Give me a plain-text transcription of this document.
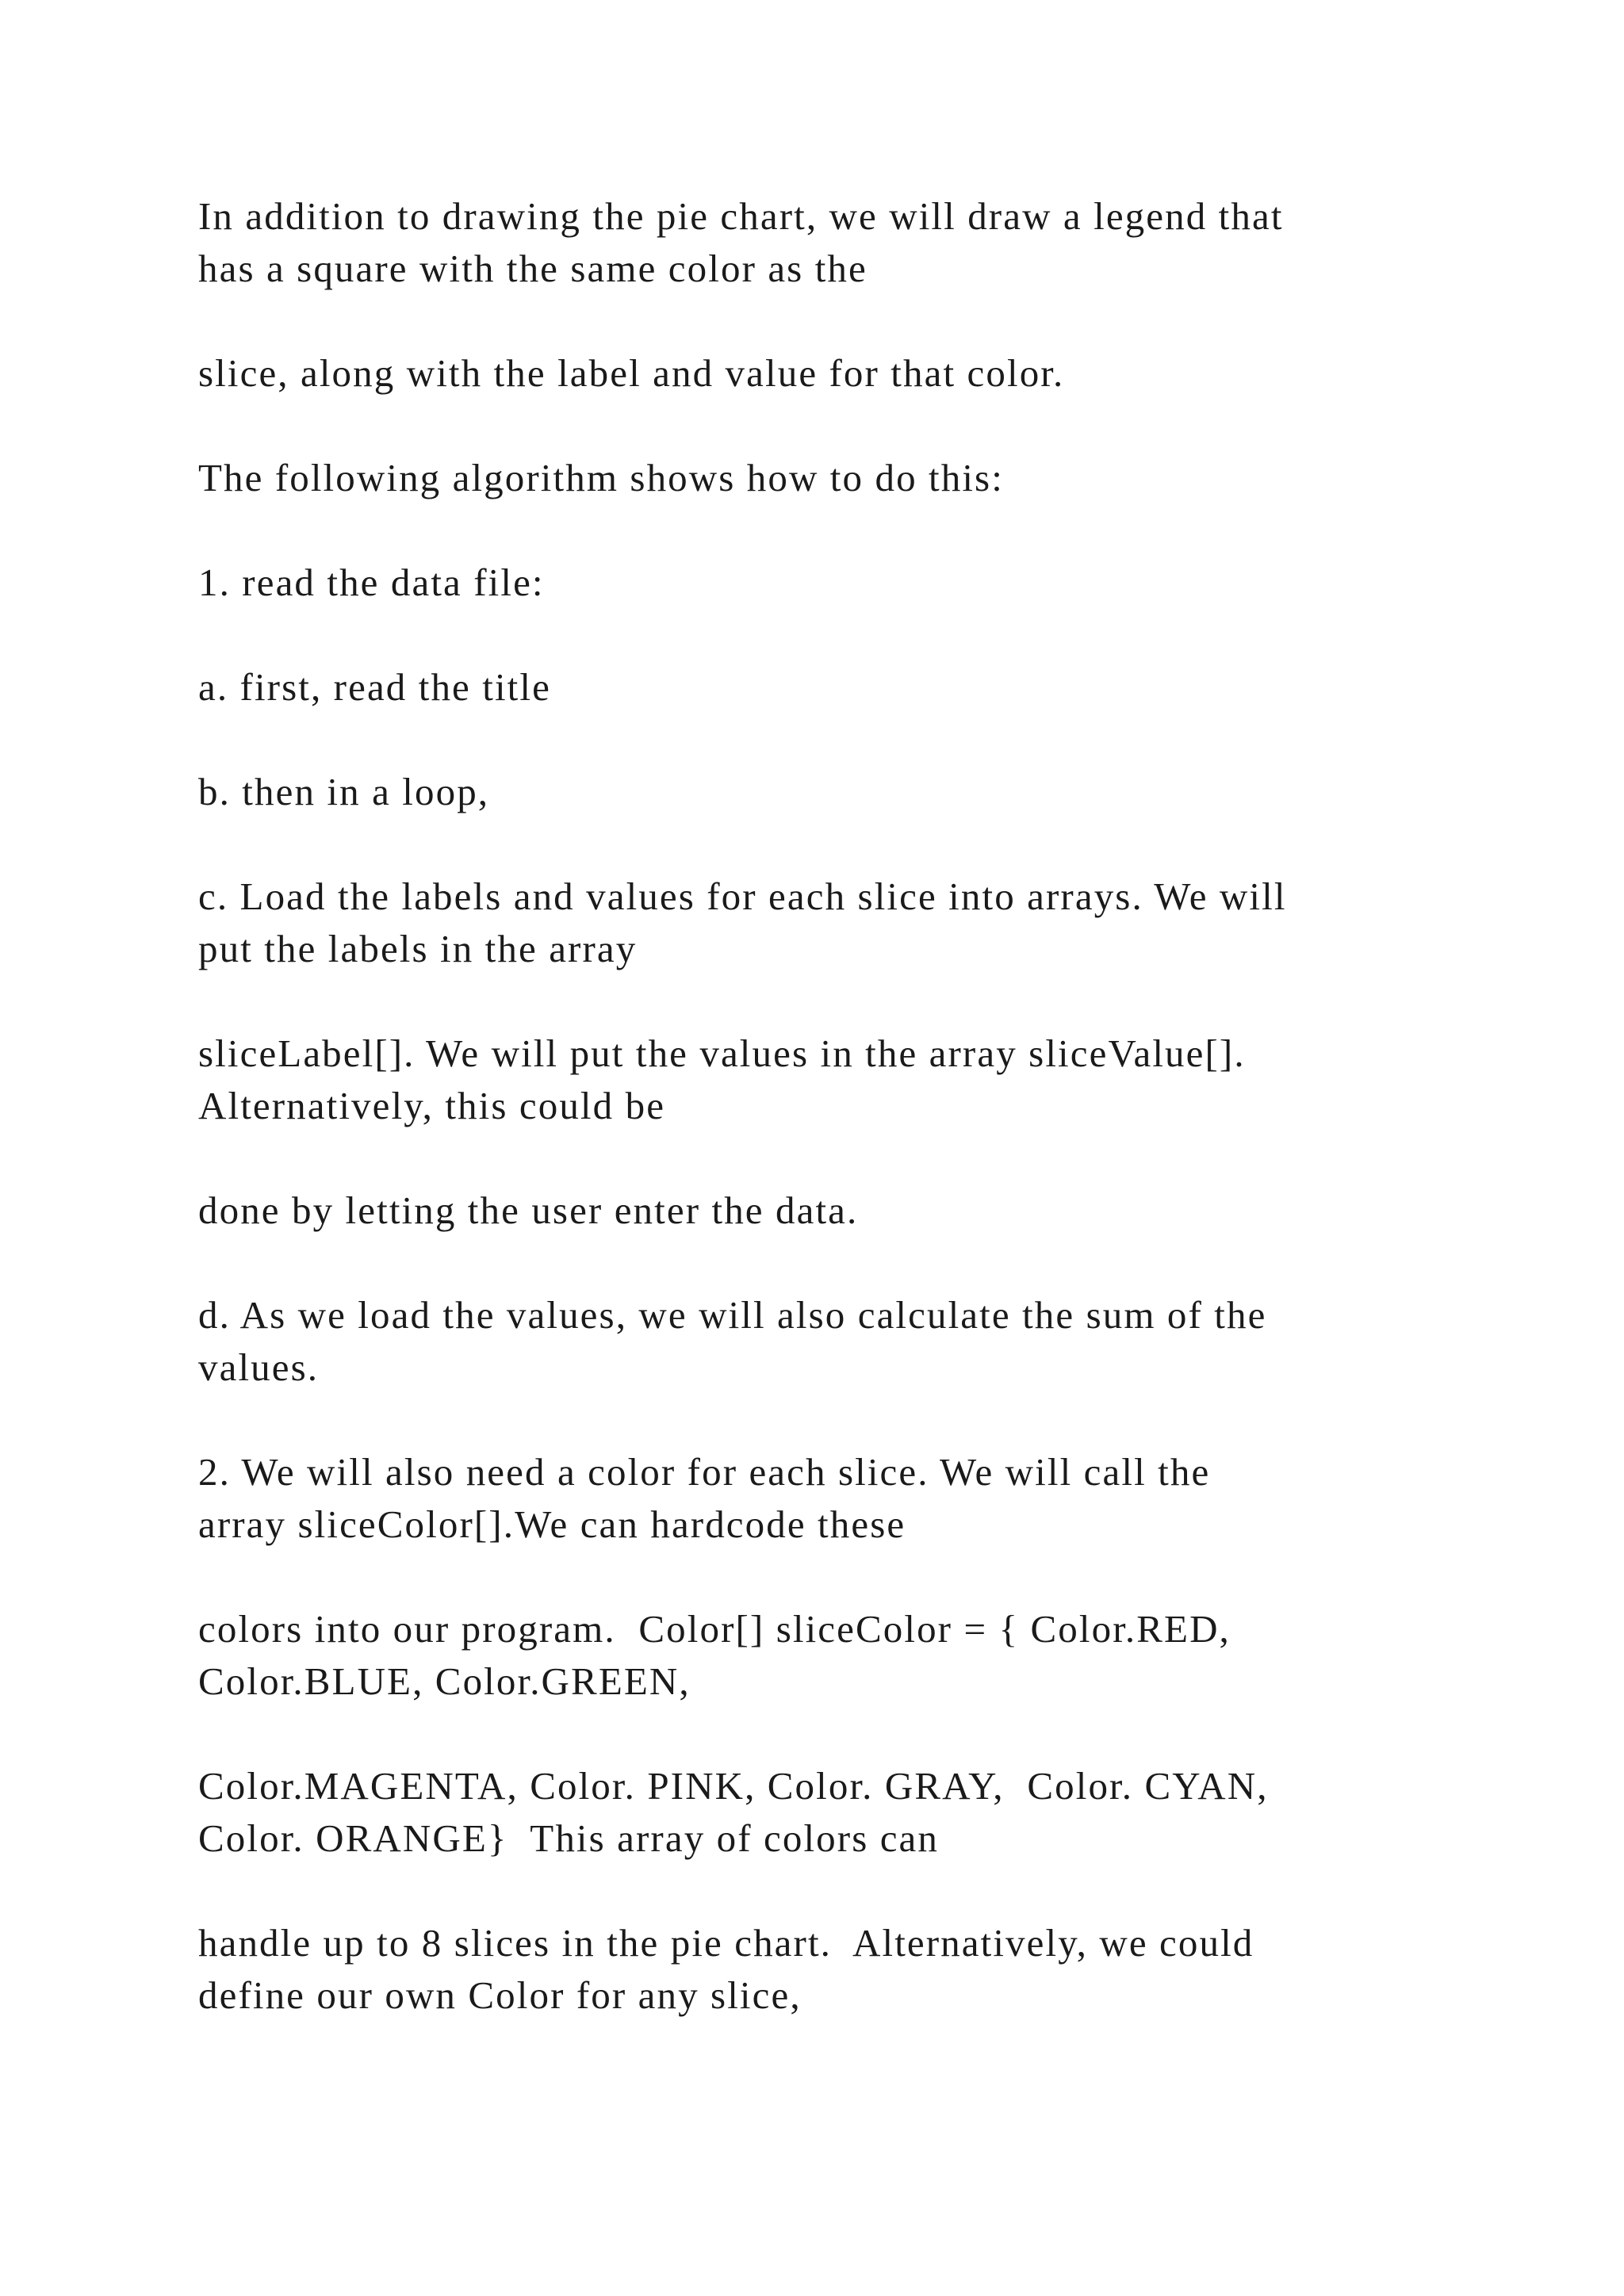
In addition to drawing the pie chart, we will draw a legend that
has a square with the same color as the

slice, along with the label and value for that color.

The following algorithm shows how to do this:

1. read the data file:

a. first, read the title

b. then in a loop,

c. Load the labels and values for each slice into arrays. We will
put the labels in the array

sliceLabel[]. We will put the values in the array sliceValue[].
Alternatively, this could be

done by letting the user enter the data.

d. As we load the values, we will also calculate the sum of the
values.

2. We will also need a color for each slice. We will call the
array sliceColor[].We can hardcode these

colors into our program.  Color[] sliceColor = { Color.RED,
Color.BLUE, Color.GREEN,

Color.MAGENTA, Color. PINK, Color. GRAY,  Color. CYAN,
Color. ORANGE}  This array of colors can

handle up to 8 slices in the pie chart.  Alternatively, we could
define our own Color for any slice,
